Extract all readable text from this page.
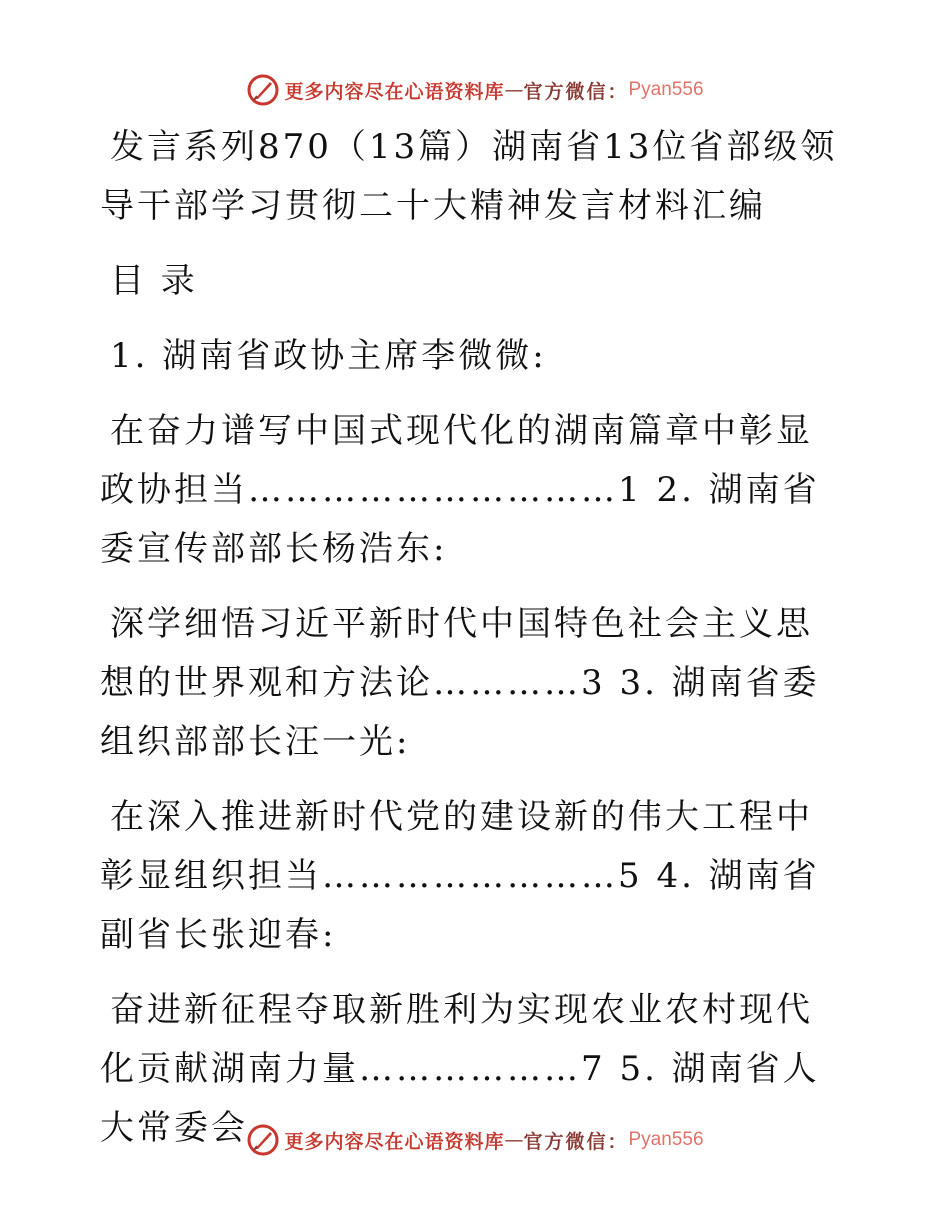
更多内容尽在心语资料库 — 官方微信： Pyan556

发言系列870（13篇）湖南省13位省部级领导干部学习贯彻二十大精神发言材料汇编

目 录

1. 湖南省政协主席李微微:

在奋力谱写中国式现代化的湖南篇章中彰显政协担当…………………………1 2. 湖南省委宣传部部长杨浩东:

深学细悟习近平新时代中国特色社会主义思想的世界观和方法论…………3 3. 湖南省委组织部部长汪一光:

在深入推进新时代党的建设新的伟大工程中彰显组织担当……………………5 4. 湖南省副省长张迎春:

奋进新征程夺取新胜利为实现农业农村现代化贡献湖南力量………………7 5. 湖南省人大常委会	更多内容尽在心语资料库 — 官方微信： Pyan556
